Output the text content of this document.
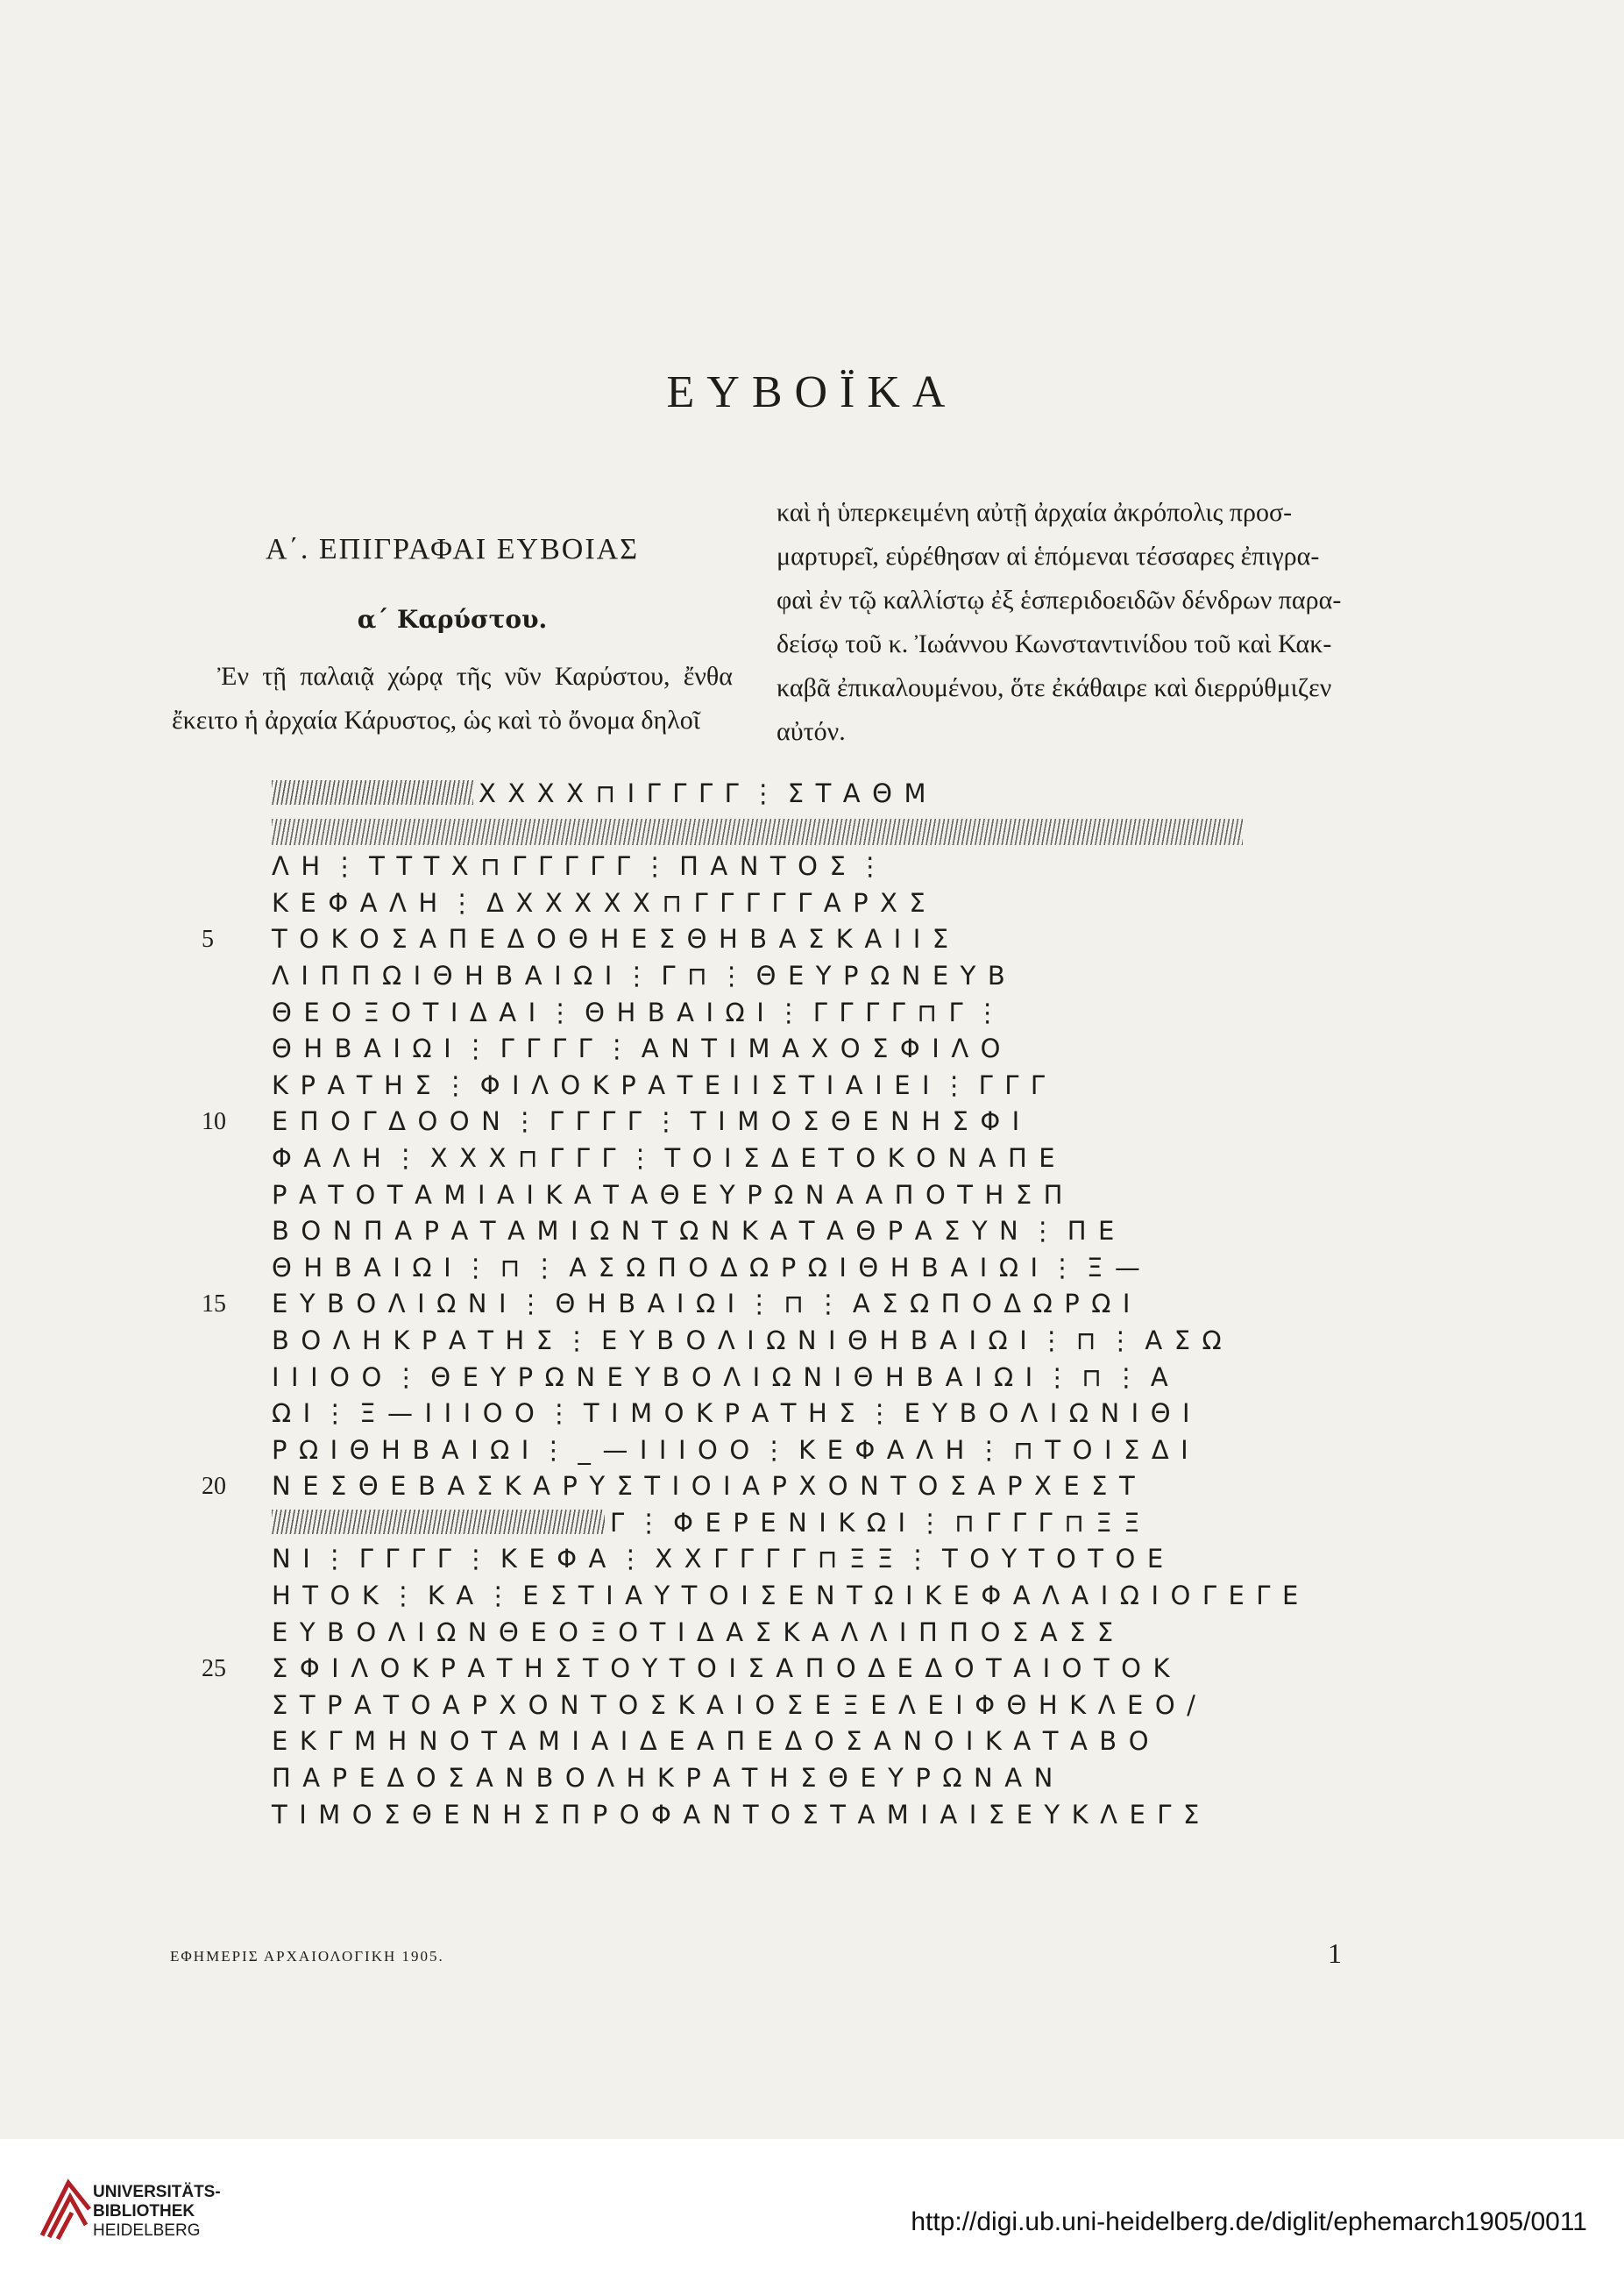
ΕΥΒΟΪΚΑ
Α΄. ΕΠΙΓΡΑΦΑΙ ΕΥΒΟΙΑΣ
α΄ Καρύστου.
Ἐν τῇ παλαιᾷ χώρᾳ τῆς νῦν Καρύστου, ἔνθα ἔκειτο ἡ ἀρχαία Κάρυστος, ὡς καὶ τὸ ὄνομα δηλοῖ
καὶ ἡ ὑπερκειμένη αὐτῇ ἀρχαία ἀκρόπολις προσ-
μαρτυρεῖ, εὑρέθησαν αἱ ἑπόμεναι τέσσαρες ἐπιγρα-
φαὶ ἐν τῷ καλλίστῳ ἐξ ἑσπεριδοειδῶν δένδρων παρα-
δείσῳ τοῦ κ. Ἰωάννου Κωνσταντινίδου τοῦ καὶ Κακ-
καβᾶ ἐπικαλουμένου, ὅτε ἐκάθαιρε καὶ διερρύθμιζεν
αὐτόν.
ΧΧΧΧ⊓ΙΓΓΓΓ⋮ΣΤΑΘΜ
ΛΗ⋮ΤΤΤΧ⊓ΓΓΓΓΓ⋮ΠΑΝΤΟΣ⋮
ΚΕΦΑΛΗ⋮ΔΧΧΧΧΧ⊓ΓΓΓΓΓΑΡΧΣ
5	ΤΟΚΟΣΑΠΕΔΟΘΗΕΣΘΗΒΑΣΚΑΙΙΣ
ΛΙΠΠΩΙΘΗΒΑΙΩΙ⋮Γ⊓⋮ΘΕΥΡΩΝΕΥΒ
ΘΕΟΞΟΤΙΔΑΙ⋮ΘΗΒΑΙΩΙ⋮ΓΓΓΓ⊓Γ⋮
ΘΗΒΑΙΩΙ⋮ΓΓΓΓ⋮ΑΝΤΙΜΑΧΟΣΦΙΛΟ
ΚΡΑΤΗΣ⋮ΦΙΛΟΚΡΑΤΕΙΙΣΤΙΑΙΕΙ⋮ΓΓΓ
10	ΕΠΟΓΔΟΟΝ⋮ΓΓΓΓ⋮ΤΙΜΟΣΘΕΝΗΣΦΙ
ΦΑΛΗ⋮ΧΧΧ⊓ΓΓΓ⋮ΤΟΙΣΔΕΤΟΚΟΝΑΠΕ
ΡΑΤΟΤΑΜΙΑΙΚΑΤΑΘΕΥΡΩΝΑΑΠΟΤΗΣΠ
ΒΟΝΠΑΡΑΤΑΜΙΩΝΤΩΝΚΑΤΑΘΡΑΣΥΝ⋮ΠΕ
ΘΗΒΑΙΩΙ⋮⊓⋮ΑΣΩΠΟΔΩΡΩΙΘΗΒΑΙΩΙ⋮Ξ—
15	ΕΥΒΟΛΙΩΝΙ⋮ΘΗΒΑΙΩΙ⋮⊓⋮ΑΣΩΠΟΔΩΡΩΙ
ΒΟΛΗΚΡΑΤΗΣ⋮ΕΥΒΟΛΙΩΝΙΘΗΒΑΙΩΙ⋮⊓⋮ΑΣΩ
ΙΙΙΟΟ⋮ΘΕΥΡΩΝΕΥΒΟΛΙΩΝΙΘΗΒΑΙΩΙ⋮⊓⋮Α
ΩΙ⋮Ξ—ΙΙΙΟΟ⋮ΤΙΜΟΚΡΑΤΗΣ⋮ΕΥΒΟΛΙΩΝΙΘΙ
ΡΩΙΘΗΒΑΙΩΙ⋮_—ΙΙΙΟΟ⋮ΚΕΦΑΛΗ⋮⊓ΤΟΙΣΔΙ
20	ΝΕΣΘΕΒΑΣΚΑΡΥΣΤΙΟΙΑΡΧΟΝΤΟΣΑΡΧΕΣΤ
Γ⋮ΦΕΡΕΝΙΚΩΙ⋮⊓ΓΓΓ⊓ΞΞ
ΝΙ⋮ΓΓΓΓ⋮ΚΕΦΑ⋮ΧΧΓΓΓΓ⊓ΞΞ⋮ΤΟΥΤΟΤΟΕ
ΗΤΟΚ⋮ΚΑ⋮ΕΣΤΙΑΥΤΟΙΣΕΝΤΩΙΚΕΦΑΛΑΙΩΙΟΓΕΓΕ
ΕΥΒΟΛΙΩΝΘΕΟΞΟΤΙΔΑΣΚΑΛΛΙΠΠΟΣΑΣΣ
25	ΣΦΙΛΟΚΡΑΤΗΣΤΟΥΤΟΙΣΑΠΟΔΕΔΟΤΑΙΟΤΟΚ
ΣΤΡΑΤΟΑΡΧΟΝΤΟΣΚΑΙΟΣΕΞΕΛΕΙΦΘΗΚΛΕΟ/
ΕΚΓΜΗΝΟΤΑΜΙΑΙΔΕΑΠΕΔΟΣΑΝΟΙΚΑΤΑΒΟ
ΠΑΡΕΔΟΣΑΝΒΟΛΗΚΡΑΤΗΣΘΕΥΡΩΝΑΝ
ΤΙΜΟΣΘΕΝΗΣΠΡΟΦΑΝΤΟΣΤΑΜΙΑΙΣΕΥΚΛΕΓΣ
ΕΦΗΜΕΡΙΣ ΑΡΧΑΙΟΛΟΓΙΚΗ 1905.	1
UNIVERSITÄTS-
BIBLIOTHEK
HEIDELBERG	http://digi.ub.uni-heidelberg.de/diglit/ephemarch1905/0011
